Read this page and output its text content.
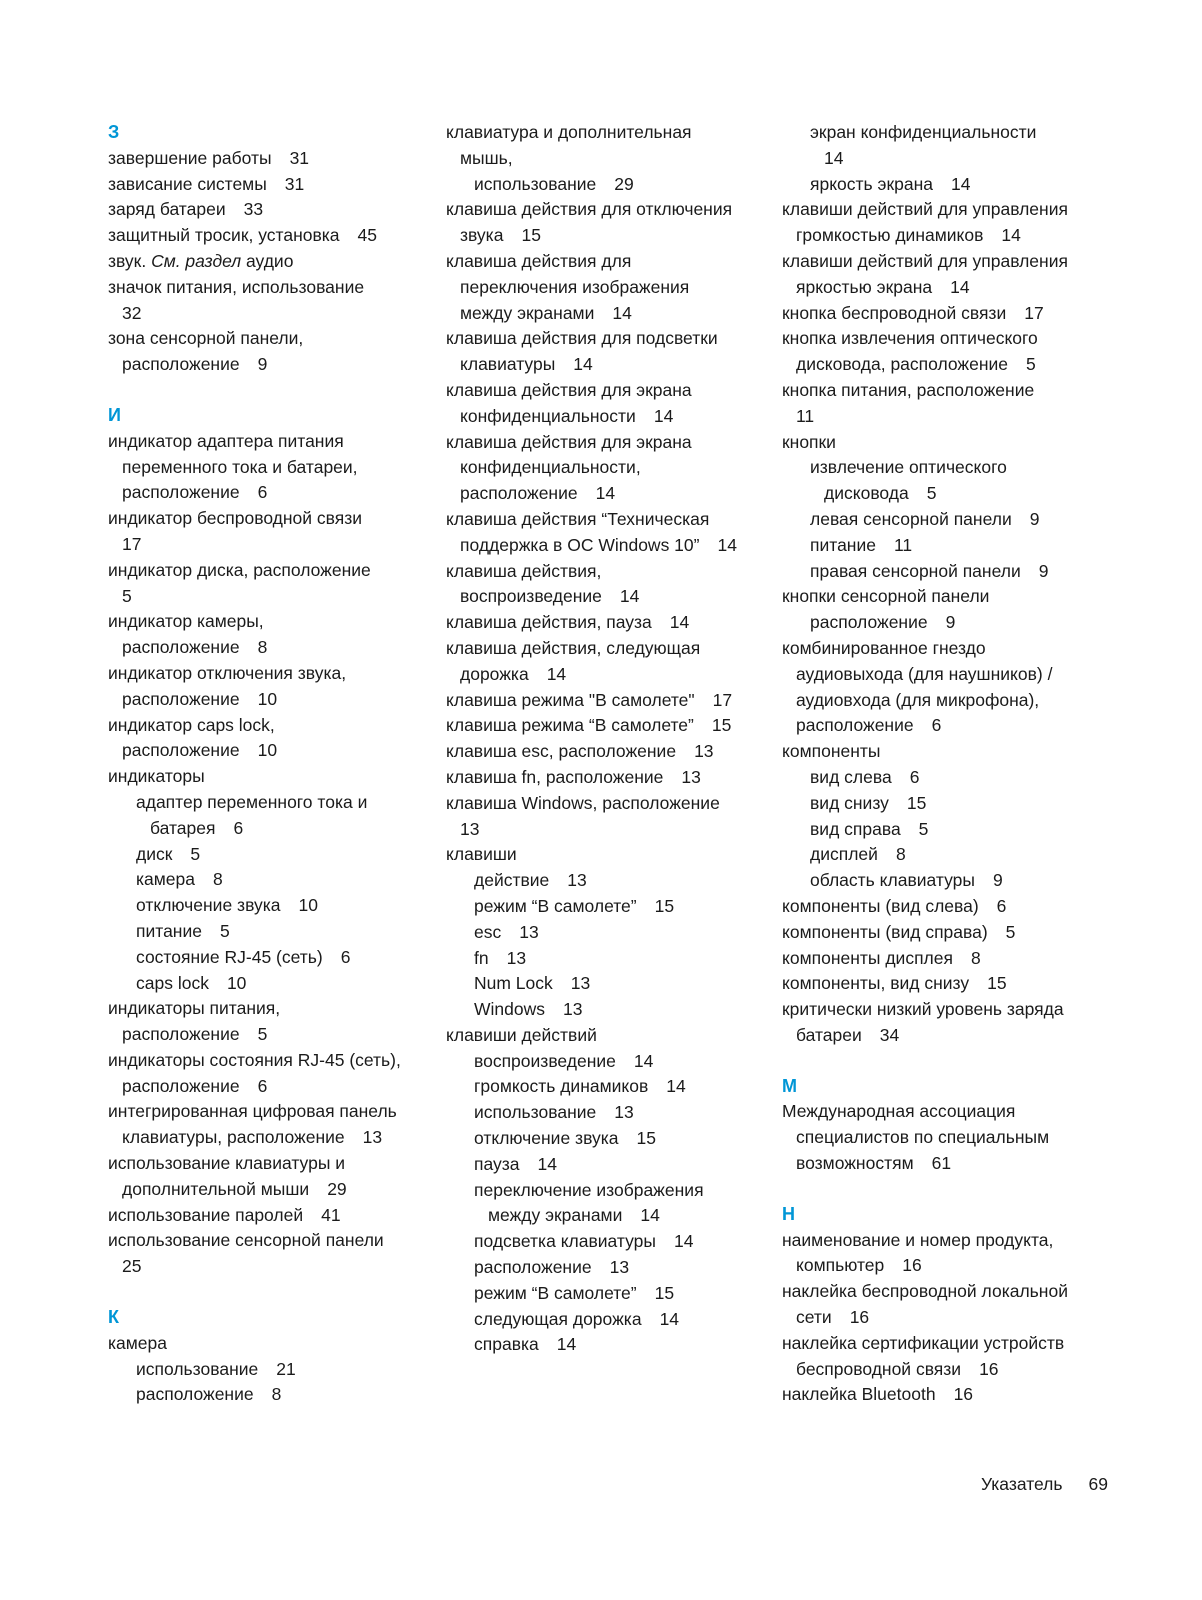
З
завершение работы 31
зависание системы 31
заряд батареи 33
защитный тросик, установка 45
звук. См. раздел аудио
значок питания, использование
32
зона сенсорной панели,
расположение 9
И
индикатор адаптера питания
переменного тока и батареи,
расположение 6
индикатор беспроводной связи
17
индикатор диска, расположение
5
индикатор камеры,
расположение 8
индикатор отключения звука,
расположение 10
индикатор caps lock,
расположение 10
индикаторы
адаптер переменного тока и
батарея 6
диск 5
камера 8
отключение звука 10
питание 5
состояние RJ-45 (сеть) 6
caps lock 10
индикаторы питания,
расположение 5
индикаторы состояния RJ-45 (сеть),
расположение 6
интегрированная цифровая панель
клавиатуры, расположение 13
использование клавиатуры и
дополнительной мыши 29
использование паролей 41
использование сенсорной панели
25
К
камера
использование 21
расположение 8
клавиатура и дополнительная
мышь,
использование 29
клавиша действия для отключения
звука 15
клавиша действия для
переключения изображения
между экранами 14
клавиша действия для подсветки
клавиатуры 14
клавиша действия для экрана
конфиденциальности 14
клавиша действия для экрана
конфиденциальности,
расположение 14
клавиша действия “Техническая
поддержка в ОС Windows 10” 14
клавиша действия,
воспроизведение 14
клавиша действия, пауза 14
клавиша действия, следующая
дорожка 14
клавиша режима "В самолете" 17
клавиша режима “В самолете” 15
клавиша esc, расположение 13
клавиша fn, расположение 13
клавиша Windows, расположение
13
клавиши
действие 13
режим “В самолете” 15
esc 13
fn 13
Num Lock 13
Windows 13
клавиши действий
воспроизведение 14
громкость динамиков 14
использование 13
отключение звука 15
пауза 14
переключение изображения
между экранами 14
подсветка клавиатуры 14
расположение 13
режим “В самолете” 15
следующая дорожка 14
справка 14
экран конфиденциальности
14
яркость экрана 14
клавиши действий для управления
громкостью динамиков 14
клавиши действий для управления
яркостью экрана 14
кнопка беспроводной связи 17
кнопка извлечения оптического
дисковода, расположение 5
кнопка питания, расположение
11
кнопки
извлечение оптического
дисковода 5
левая сенсорной панели 9
питание 11
правая сенсорной панели 9
кнопки сенсорной панели
расположение 9
комбинированное гнездо
аудиовыхода (для наушников) /
аудиовхода (для микрофона),
расположение 6
компоненты
вид слева 6
вид снизу 15
вид справа 5
дисплей 8
область клавиатуры 9
компоненты (вид слева) 6
компоненты (вид справа) 5
компоненты дисплея 8
компоненты, вид снизу 15
критически низкий уровень заряда
батареи 34
М
Международная ассоциация
специалистов по специальным
возможностям 61
Н
наименование и номер продукта,
компьютер 16
наклейка беспроводной локальной
сети 16
наклейка сертификации устройств
беспроводной связи 16
наклейка Bluetooth 16
Указатель 69
